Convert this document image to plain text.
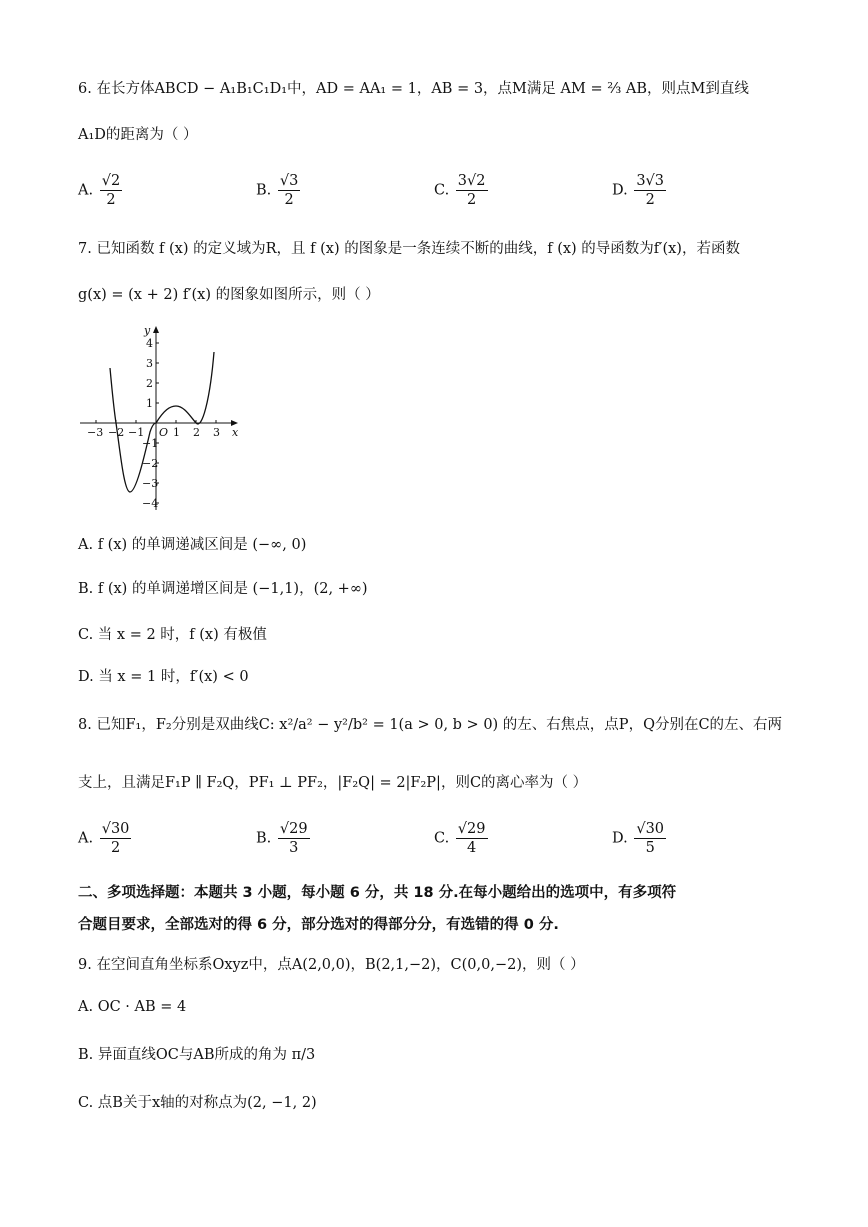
6. 在长方体ABCD − A₁B₁C₁D₁中，AD = AA₁ = 1，AB = 3，点M满足 AM = ⅔ AB，则点M到直线
A₁D的距离为（ ）
A. $\frac{√2}{2}$	B. $\frac{√3}{2}$	C. $\frac{3√2}{2}$	D. $\frac{3√3}{2}$
7. 已知函数 f (x) 的定义域为R，且 f (x) 的图象是一条连续不断的曲线，f (x) 的导函数为f′(x)，若函数
g(x) = (x + 2) f′(x) 的图象如图所示，则（ ）
−3 −2 −1 O 1 2 3 x
y
4
3
2
1
−1
−2
−3
−4
A. f (x) 的单调递减区间是 (−∞, 0)
B. f (x) 的单调递增区间是 (−1,1)，(2, +∞)
C. 当 x = 2 时，f (x) 有极值
D. 当 x = 1 时，f′(x) < 0
8. 已知F₁，F₂分别是双曲线C: x²/a² − y²/b² = 1(a > 0, b > 0) 的左、右焦点，点P，Q分别在C的左、右两
支上，且满足F₁P ∥ F₂Q，PF₁ ⊥ PF₂，|F₂Q| = 2|F₂P|，则C的离心率为（ ）
A. $\frac{√30}{2}$	B. $\frac{√29}{3}$	C. $\frac{√29}{4}$	D. $\frac{√30}{5}$
二、多项选择题：本题共 3 小题，每小题 6 分，共 18 分.在每小题给出的选项中，有多项符
合题目要求，全部选对的得 6 分，部分选对的得部分分，有选错的得 0 分.
9. 在空间直角坐标系Oxyz中，点A(2,0,0)，B(2,1,−2)，C(0,0,−2)，则（ ）
A. OC · AB = 4
B. 异面直线OC与AB所成的角为 π/3
C. 点B关于x轴的对称点为(2, −1, 2)
